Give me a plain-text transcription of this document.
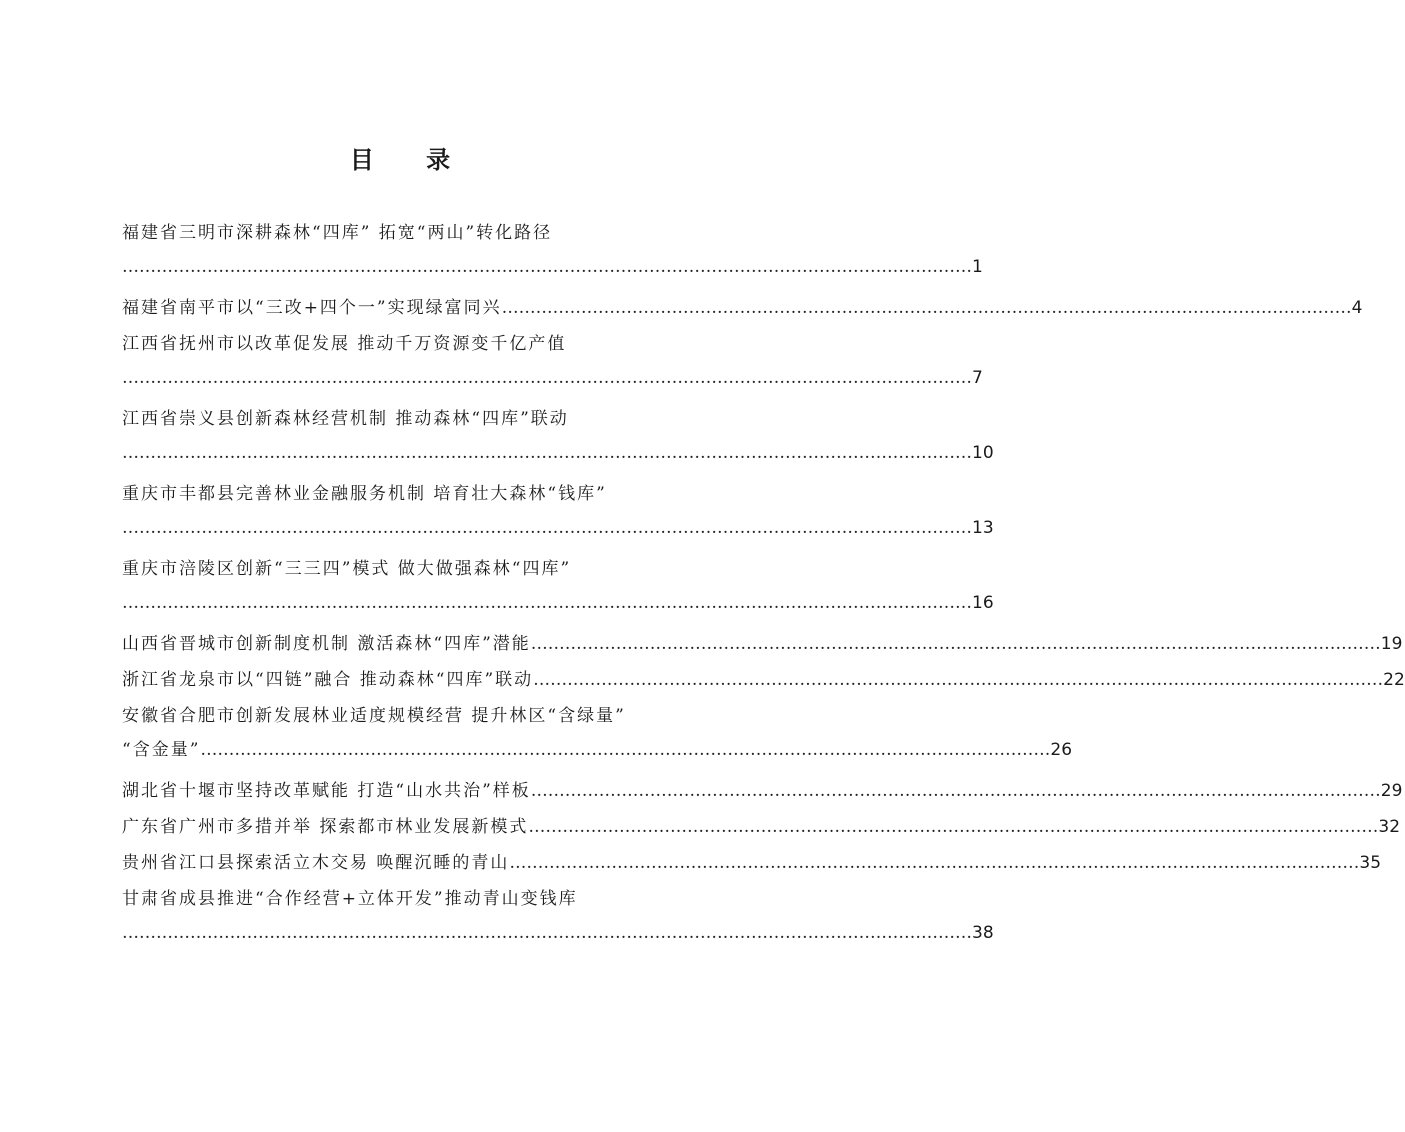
目 录
福建省三明市深耕森林“四库” 拓宽“两山”转化路径
…………………………………………………………………………………………………………………………………… 1
福建省南平市以“三改+四个一”实现绿富同兴 …………………………………………………………………………………………………………………………………… 4
江西省抚州市以改革促发展 推动千万资源变千亿产值
…………………………………………………………………………………………………………………………………… 7
江西省崇义县创新森林经营机制 推动森林“四库”联动
…………………………………………………………………………………………………………………………………… 10
重庆市丰都县完善林业金融服务机制 培育壮大森林“钱库”
…………………………………………………………………………………………………………………………………… 13
重庆市涪陵区创新“三三四”模式 做大做强森林“四库”
…………………………………………………………………………………………………………………………………… 16
山西省晋城市创新制度机制 激活森林“四库”潜能 …………………………………………………………………………………………………………………………………… 19
浙江省龙泉市以“四链”融合 推动森林“四库”联动 …………………………………………………………………………………………………………………………………… 22
安徽省合肥市创新发展林业适度规模经营 提升林区“含绿量”
“含金量” …………………………………………………………………………………………………………………………………… 26
湖北省十堰市坚持改革赋能 打造“山水共治”样板 …………………………………………………………………………………………………………………………………… 29
广东省广州市多措并举 探索都市林业发展新模式 …………………………………………………………………………………………………………………………………… 32
贵州省江口县探索活立木交易 唤醒沉睡的青山 …………………………………………………………………………………………………………………………………… 35
甘肃省成县推进“合作经营+立体开发”推动青山变钱库
…………………………………………………………………………………………………………………………………… 38
